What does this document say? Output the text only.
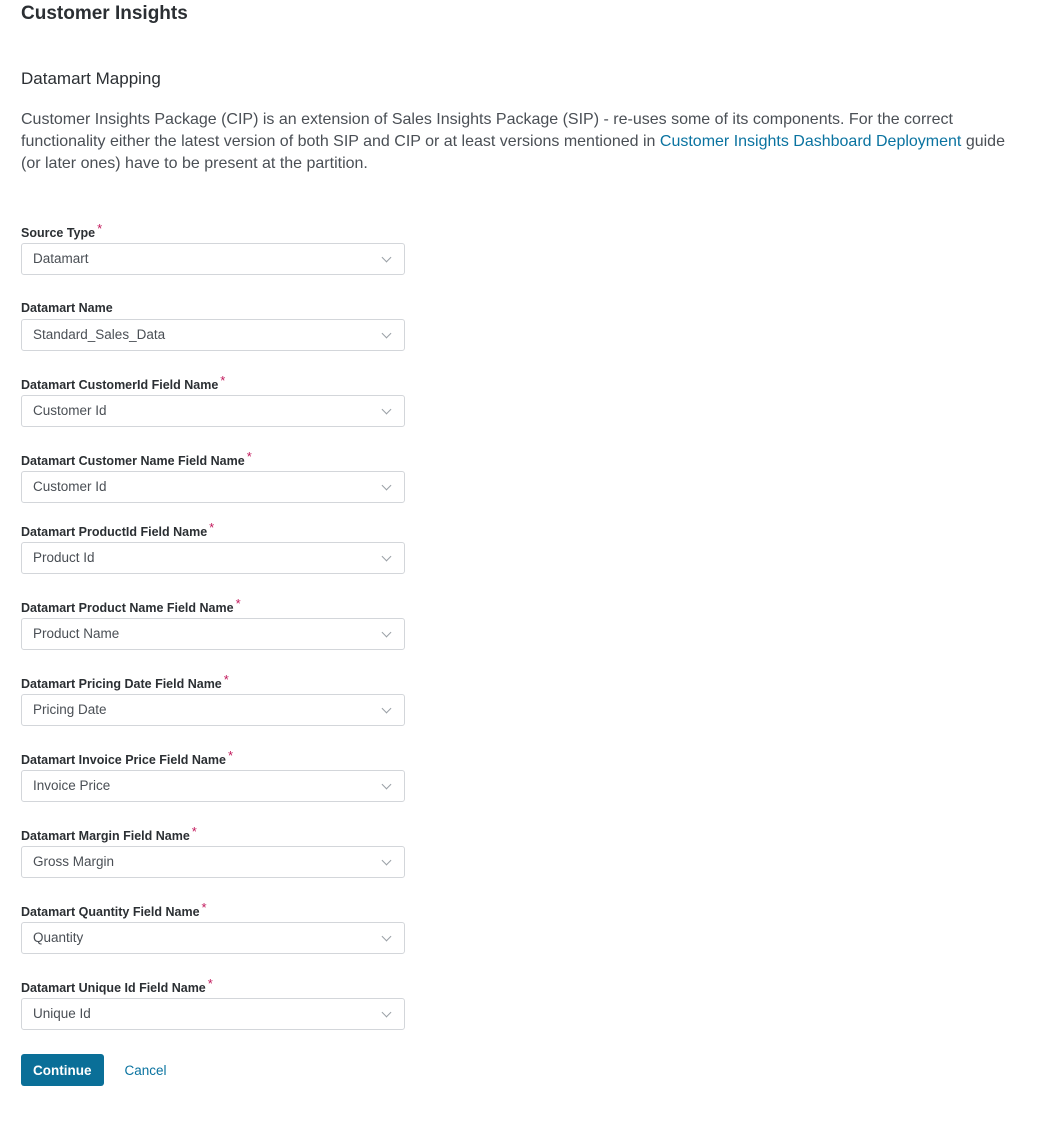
Customer Insights
Datamart Mapping

Customer Insights Package (CIP) is an extension of Sales Insights Package (SIP) - re-uses some of its components. For the correct functionality either the latest version of both SIP and CIP or at least versions mentioned in Customer Insights Dashboard Deployment guide (or later ones) have to be present at the partition.

Source Type *
Datamart
Datamart Name
Standard_Sales_Data
Datamart CustomerId Field Name *
Customer Id
Datamart Customer Name Field Name *
Customer Id
Datamart ProductId Field Name *
Product Id
Datamart Product Name Field Name *
Product Name
Datamart Pricing Date Field Name *
Pricing Date
Datamart Invoice Price Field Name *
Invoice Price
Datamart Margin Field Name *
Gross Margin
Datamart Quantity Field Name *
Quantity
Datamart Unique Id Field Name *
Unique Id
Continue	Cancel
